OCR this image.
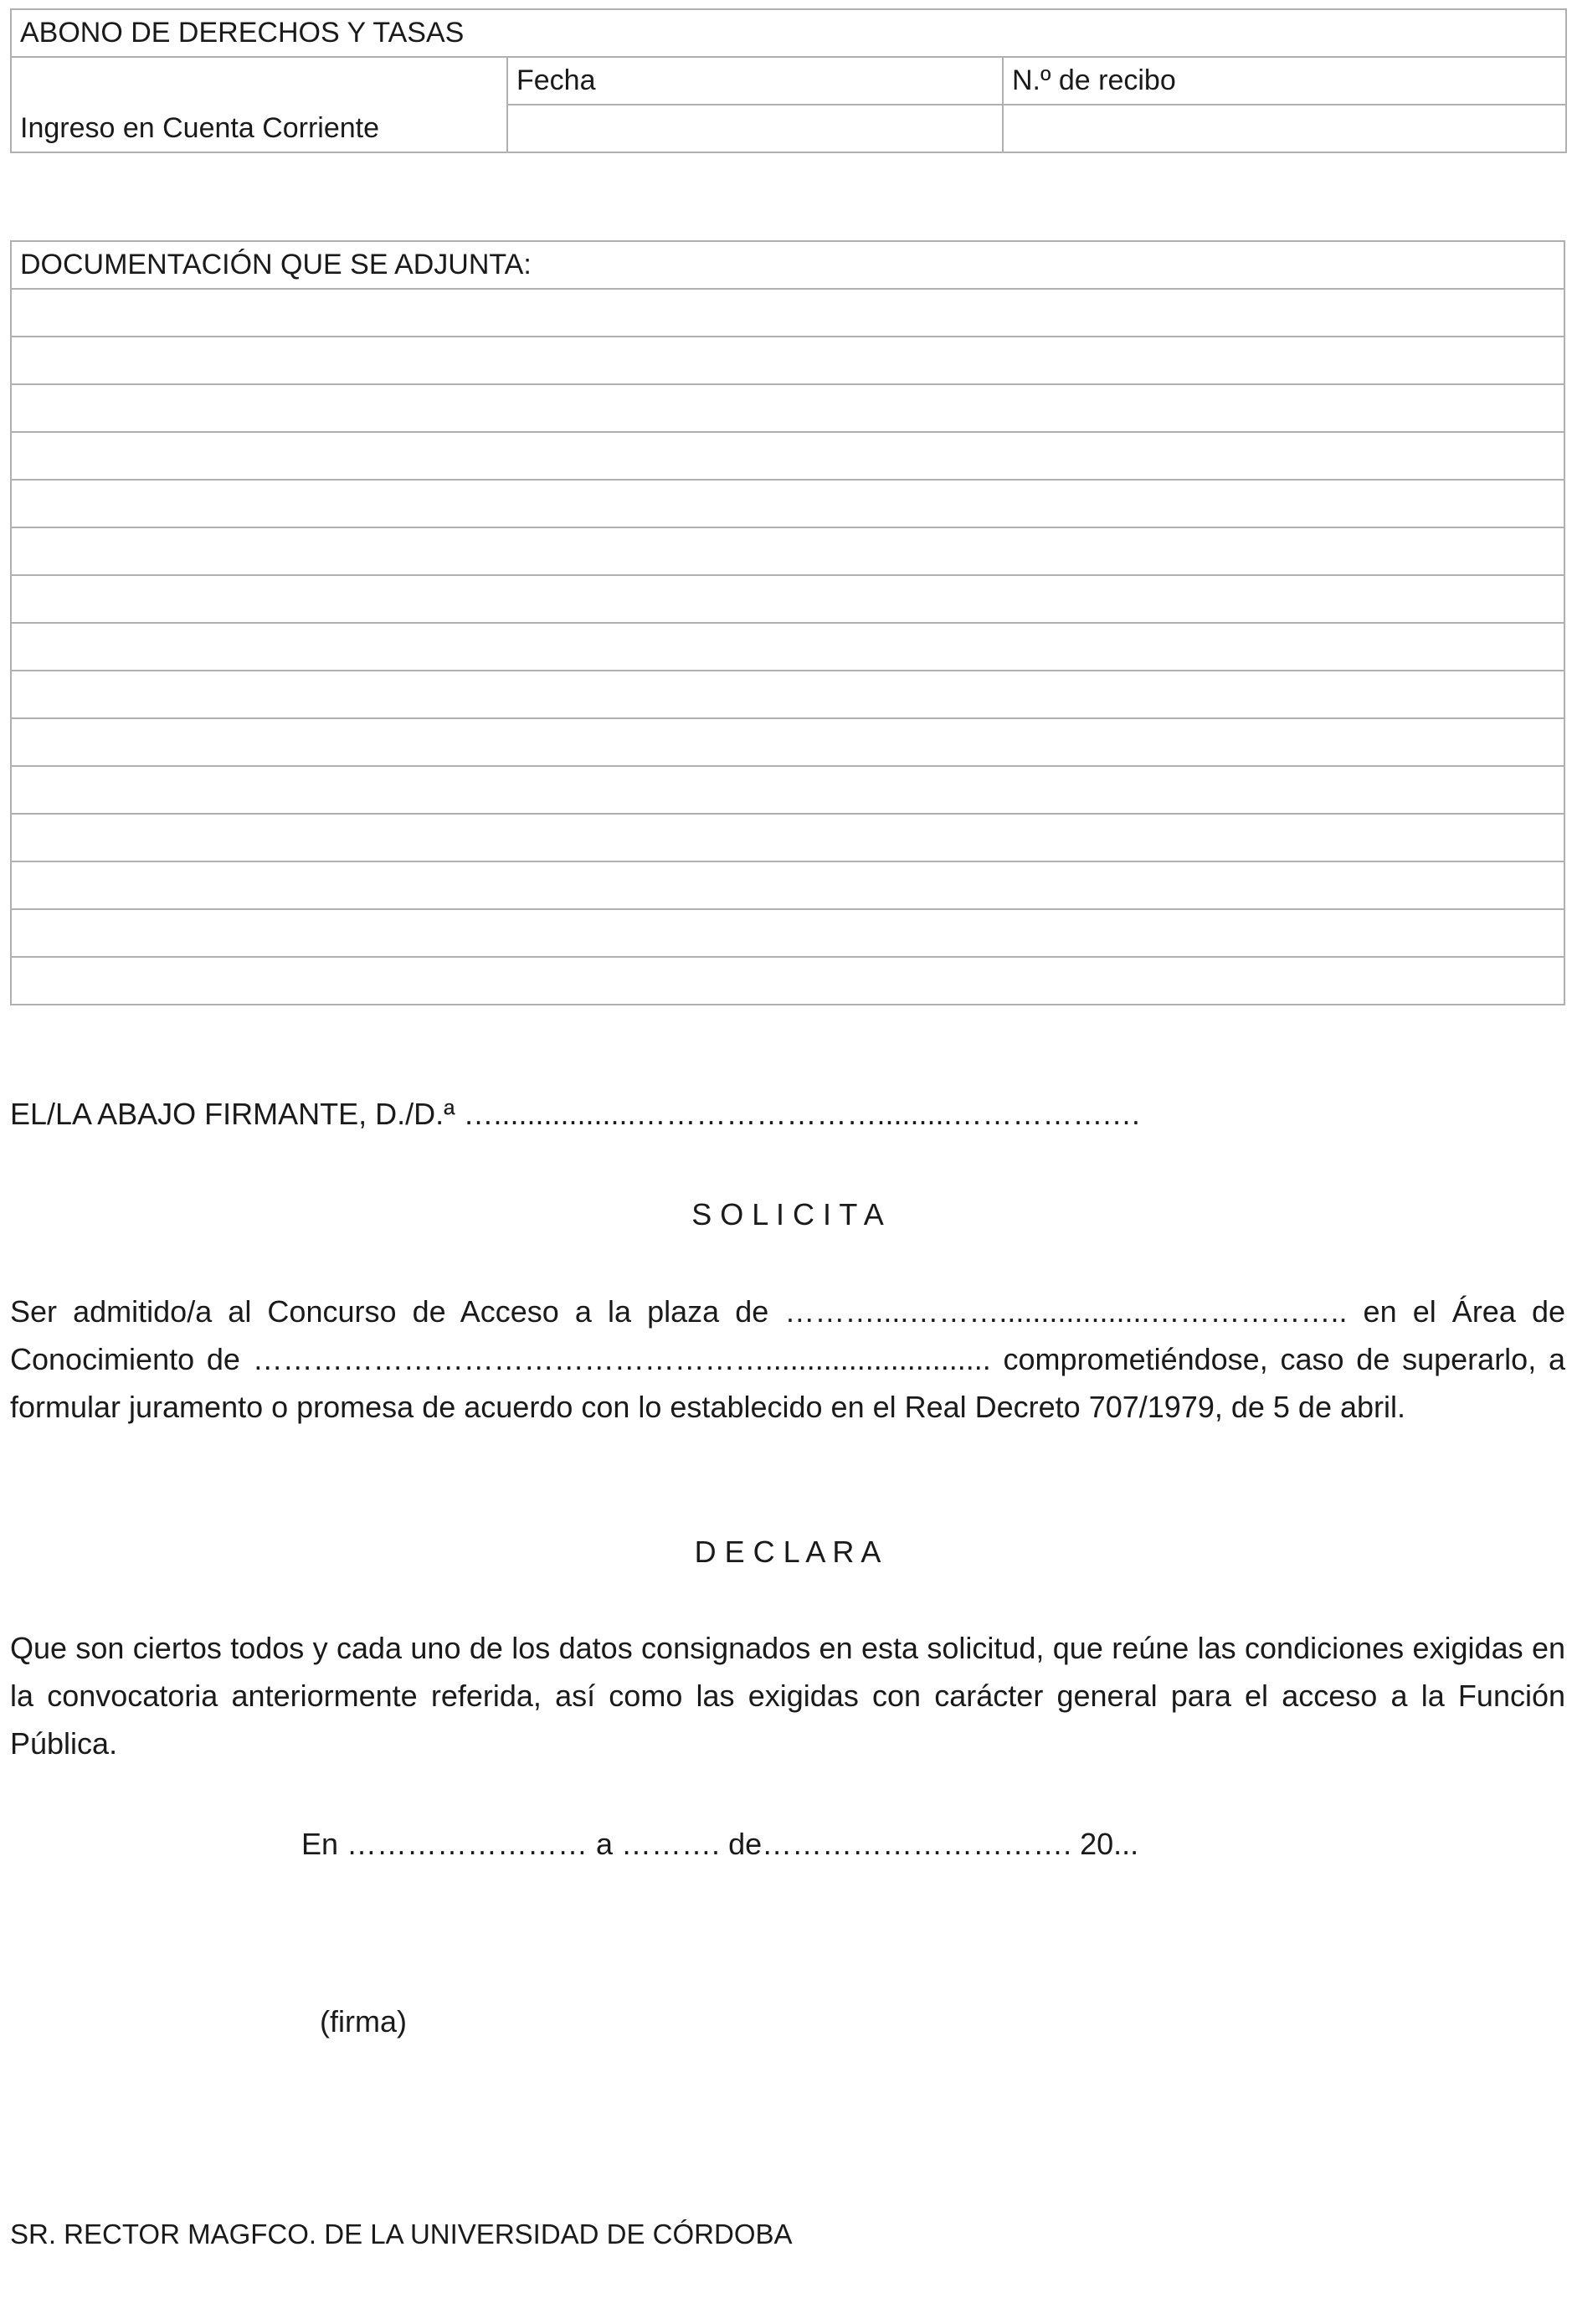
ABONO DE DERECHOS Y TASAS		
	Fecha	N.º de recibo
Ingreso en Cuenta Corriente		
DOCUMENTACIÓN QUE SE ADJUNTA:

EL/LA ABAJO FIRMANTE, D./D.ª ….................…………………….........…………….…
S O L I C I T A

Ser admitido/a al Concurso de Acceso a la plaza de ………....………..................……………….. en el Área de Conocimiento de ……………………………………………........................... comprometiéndose, caso de superarlo, a formular juramento o promesa de acuerdo con lo establecido en el Real Decreto 707/1979, de 5 de abril.

D E C L A R A

Que son ciertos todos y cada uno de los datos consignados en esta solicitud, que reúne las condiciones exigidas en la convocatoria anteriormente referida, así como las exigidas con carácter general para el acceso a la Función Pública.

En …………………… a ………. de…………………………. 20...
(firma)
SR. RECTOR MAGFCO. DE LA UNIVERSIDAD DE CÓRDOBA
